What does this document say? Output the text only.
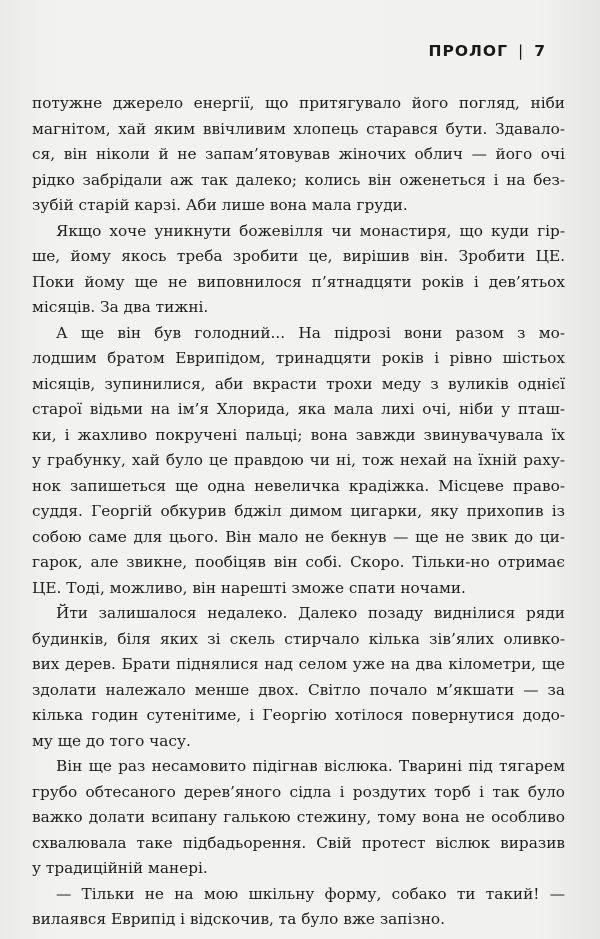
ПРОЛОГ | 7
потужне джерело енергії, що притягувало його погляд, ніби
магнітом, хай яким ввічливим хлопець старався бути. Здавало-
ся, він ніколи й не запам’ятовував жіночих облич — його очі
рідко забрідали аж так далеко; колись він оженеться і на без-
зубій старій карзі. Аби лише вона мала груди.
Якщо хоче уникнути божевілля чи монастиря, що куди гір-
ше, йому якось треба зробити це, вирішив він. Зробити ЦЕ.
Поки йому ще не виповнилося п’ятнадцяти років і дев’ятьох
місяців. За два тижні.
А ще він був голодний... На підрозі вони разом з мо-
лодшим братом Еврипідом, тринадцяти років і рівно шістьох
місяців, зупинилися, аби вкрасти трохи меду з вуликів однієї
старої відьми на ім’я Хлорида, яка мала лихі очі, ніби у пташ-
ки, і жахливо покручені пальці; вона завжди звинувачувала їх
у грабунку, хай було це правдою чи ні, тож нехай на їхній раху-
нок запишеться ще одна невеличка крадіжка. Місцеве право-
суддя. Георгій обкурив бджіл димом цигарки, яку прихопив із
собою саме для цього. Він мало не бекнув — ще не звик до ци-
гарок, але звикне, пообіцяв він собі. Скоро. Тільки-но отримає
ЦЕ. Тоді, можливо, він нарешті зможе спати ночами.
Йти залишалося недалеко. Далеко позаду виднілися ряди
будинків, біля яких зі скель стирчало кілька зів’ялих оливко-
вих дерев. Брати піднялися над селом уже на два кілометри, ще
здолати належало менше двох. Світло почало м’якшати — за
кілька годин сутенітиме, і Георгію хотілося повернутися додо-
му ще до того часу.
Він ще раз несамовито підігнав віслюка. Тварині під тягарем
грубо обтесаного дерев’яного сідла і роздутих торб і так було
важко долати всипану галькою стежину, тому вона не особливо
схвалювала таке підбадьорення. Свій протест віслюк виразив
у традиційній манері.
— Тільки не на мою шкільну форму, собако ти такий! —
вилаявся Еврипід і відскочив, та було вже запізно.
